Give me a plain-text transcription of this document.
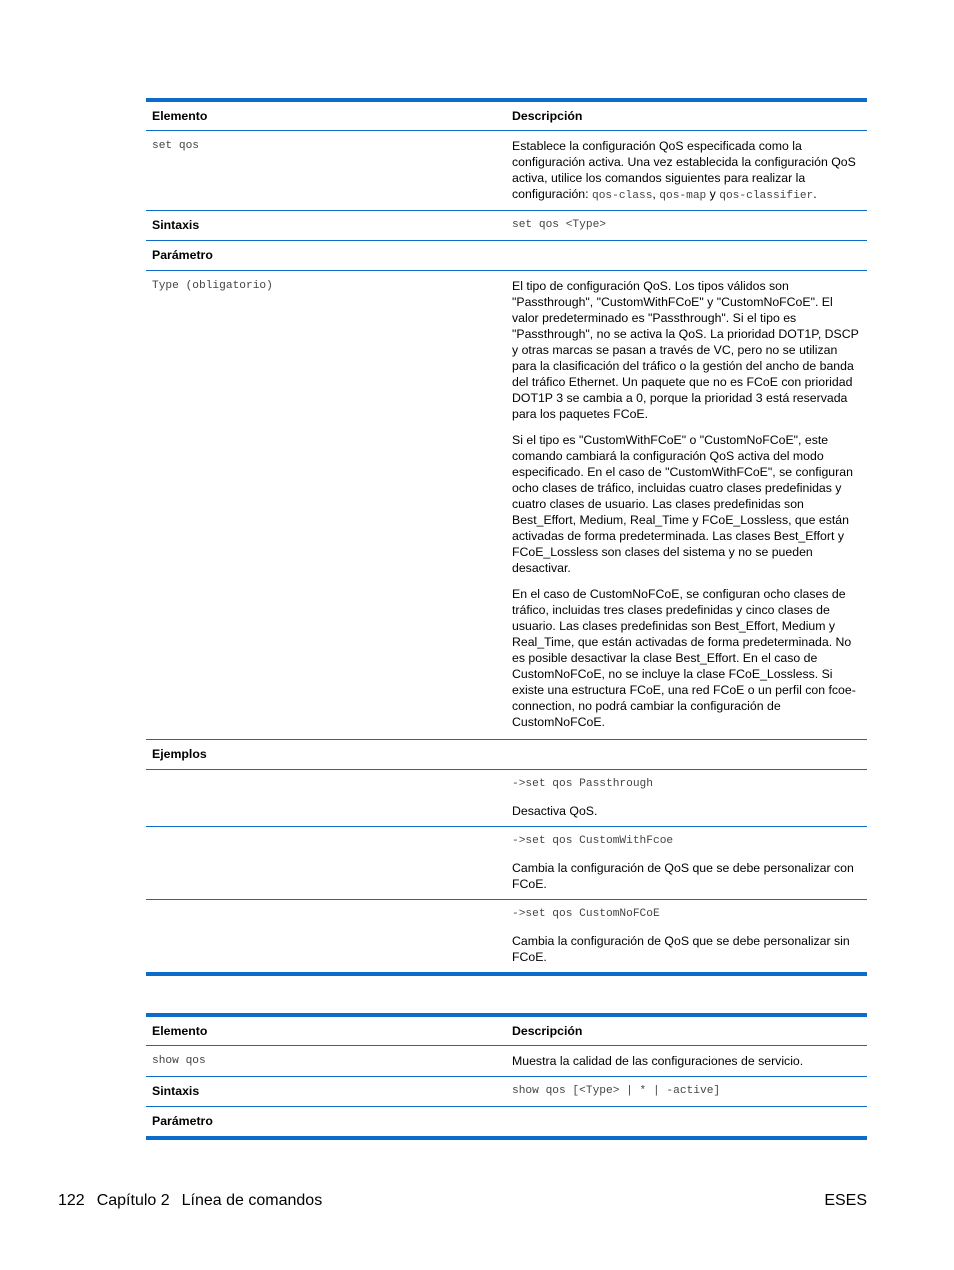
Elemento	Descripción
set qos	Establece la configuración QoS especificada como la configuración activa. Una vez establecida la configuración QoS activa, utilice los comandos siguientes para realizar la configuración: qos-class, qos-map y qos-classifier.
Sintaxis	set qos <Type>
Parámetro
Type (obligatorio)	El tipo de configuración QoS. Los tipos válidos son "Passthrough", "CustomWithFCoE" y "CustomNoFCoE". El valor predeterminado es "Passthrough". Si el tipo es "Passthrough", no se activa la QoS. La prioridad DOT1P, DSCP y otras marcas se pasan a través de VC, pero no se utilizan para la clasificación del tráfico o la gestión del ancho de banda del tráfico Ethernet. Un paquete que no es FCoE con prioridad DOT1P 3 se cambia a 0, porque la prioridad 3 está reservada para los paquetes FCoE.

Si el tipo es "CustomWithFCoE" o "CustomNoFCoE", este comando cambiará la configuración QoS activa del modo especificado. En el caso de "CustomWithFCoE", se configuran ocho clases de tráfico, incluidas cuatro clases predefinidas y cuatro clases de usuario. Las clases predefinidas son Best_Effort, Medium, Real_Time y FCoE_Lossless, que están activadas de forma predeterminada. Las clases Best_Effort y FCoE_Lossless son clases del sistema y no se pueden desactivar.

En el caso de CustomNoFCoE, se configuran ocho clases de tráfico, incluidas tres clases predefinidas y cinco clases de usuario. Las clases predefinidas son Best_Effort, Medium y Real_Time, que están activadas de forma predeterminada. No es posible desactivar la clase Best_Effort. En el caso de CustomNoFCoE, no se incluye la clase FCoE_Lossless. Si existe una estructura FCoE, una red FCoE o un perfil con fcoe-connection, no podrá cambiar la configuración de CustomNoFCoE.

Ejemplos

->set qos Passthrough

Desactiva QoS.

->set qos CustomWithFcoe

Cambia la configuración de QoS que se debe personalizar con FCoE.

->set qos CustomNoFCoE

Cambia la configuración de QoS que se debe personalizar sin FCoE.

Elemento	Descripción
show qos	Muestra la calidad de las configuraciones de servicio.
Sintaxis	show qos [<Type> | * | -active]
Parámetro
122 Capítulo 2 Línea de comandos	ESES
